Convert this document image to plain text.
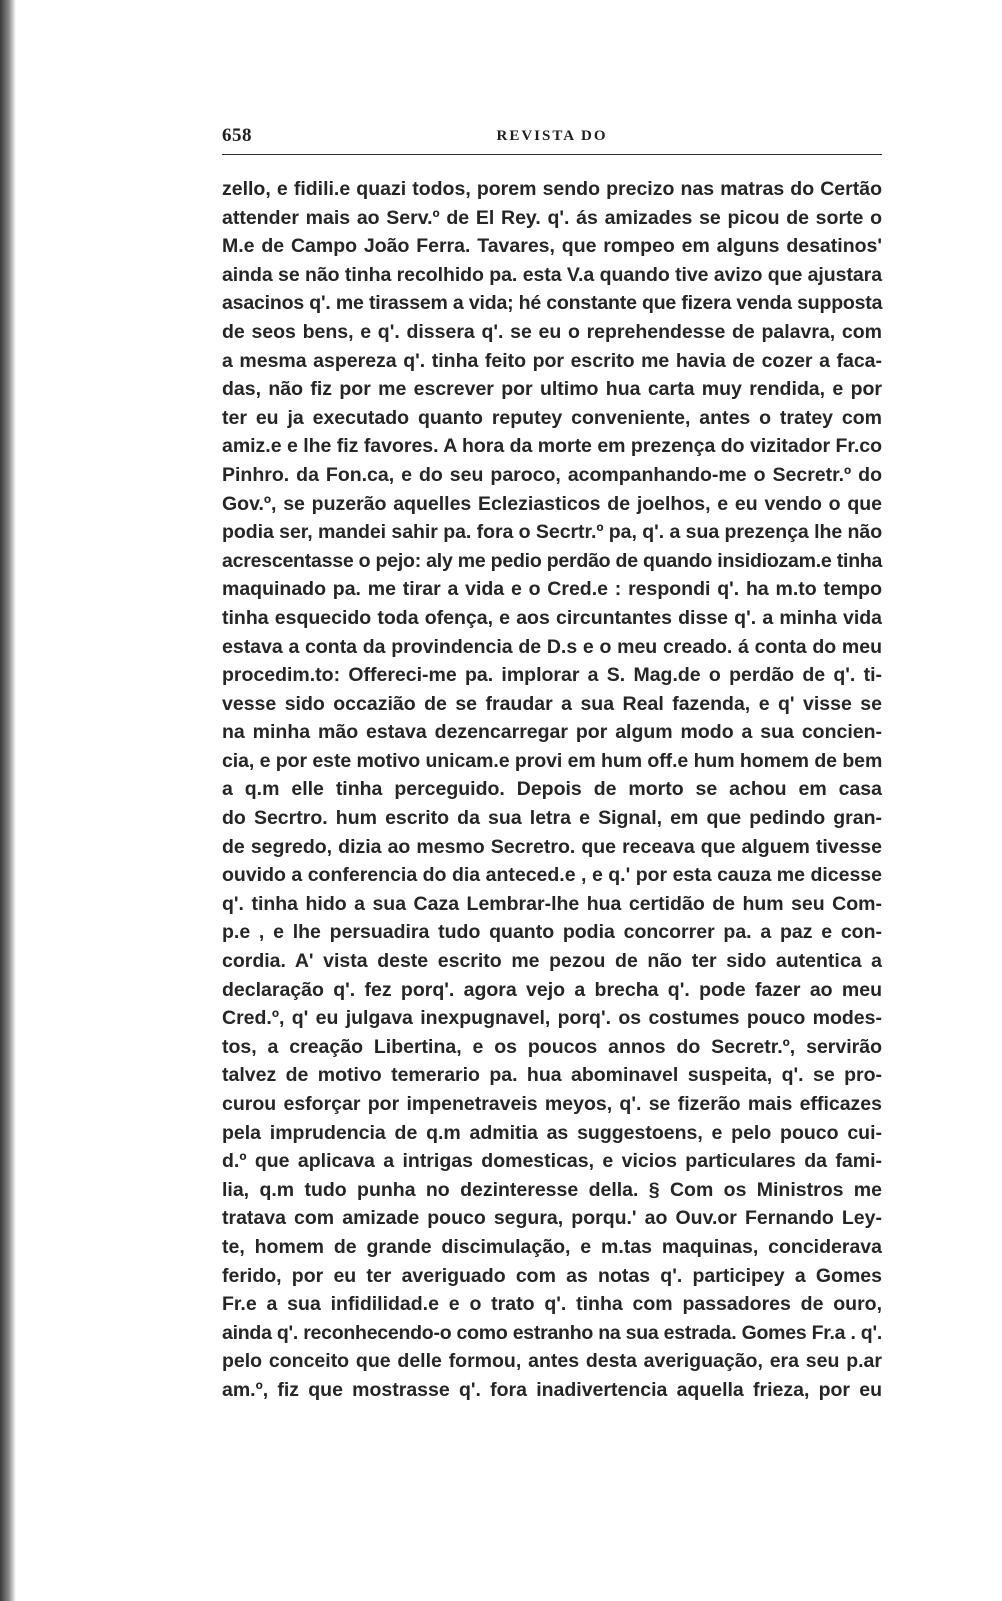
658	REVISTA DO
zello, e fidili.e quazi todos, porem sendo precizo nas matras do Certão
attender mais ao Serv.º de El Rey. q'. ás amizades se picou de sorte o
M.e de Campo João Ferra. Tavares, que rompeo em alguns desatinos'
ainda se não tinha recolhido pa. esta V.a quando tive avizo que ajustara
asacinos q'. me tirassem a vida; hé constante que fizera venda supposta
de seos bens, e q'. dissera q'. se eu o reprehendesse de palavra, com
a mesma aspereza q'. tinha feito por escrito me havia de cozer a faca-
das, não fiz por me escrever por ultimo hua carta muy rendida, e por
ter eu ja executado quanto reputey conveniente, antes o tratey com
amiz.e e lhe fiz favores. A hora da morte em prezença do vizitador Fr.co
Pinhro. da Fon.ca, e do seu paroco, acompanhando-me o Secretr.º do
Gov.º, se puzerão aquelles Ecleziasticos de joelhos, e eu vendo o que
podia ser, mandei sahir pa. fora o Secrtr.º pa, q'. a sua prezença lhe não
acrescentasse o pejo: aly me pedio perdão de quando insidiozam.e tinha
maquinado pa. me tirar a vida e o Cred.e : respondi q'. ha m.to tempo
tinha esquecido toda ofença, e aos circuntantes disse q'. a minha vida
estava a conta da provindencia de D.s e o meu creado. á conta do meu
procedim.to: Offereci-me pa. implorar a S. Mag.de o perdão de q'. ti-
vesse sido occazião de se fraudar a sua Real fazenda, e q' visse se
na minha mão estava dezencarregar por algum modo a sua concien-
cia, e por este motivo unicam.e provi em hum off.e hum homem de bem
a q.m elle tinha perceguido. Depois de morto se achou em casa
do Secrtro. hum escrito da sua letra e Signal, em que pedindo gran-
de segredo, dizia ao mesmo Secretro. que receava que alguem tivesse
ouvido a conferencia do dia anteced.e , e q.' por esta cauza me dicesse
q'. tinha hido a sua Caza Lembrar-lhe hua certidão de hum seu Com-
p.e , e lhe persuadira tudo quanto podia concorrer pa. a paz e con-
cordia. A' vista deste escrito me pezou de não ter sido autentica a
declaração q'. fez porq'. agora vejo a brecha q'. pode fazer ao meu
Cred.º, q' eu julgava inexpugnavel, porq'. os costumes pouco modes-
tos, a creação Libertina, e os poucos annos do Secretr.º, servirão
talvez de motivo temerario pa. hua abominavel suspeita, q'. se pro-
curou esforçar por impenetraveis meyos, q'. se fizerão mais efficazes
pela imprudencia de q.m admitia as suggestoens, e pelo pouco cui-
d.º que aplicava a intrigas domesticas, e vicios particulares da fami-
lia, q.m tudo punha no dezinteresse della. § Com os Ministros me
tratava com amizade pouco segura, porqu.' ao Ouv.or Fernando Ley-
te, homem de grande discimulação, e m.tas maquinas, conciderava
ferido, por eu ter averiguado com as notas q'. participey a Gomes
Fr.e a sua infidilidad.e e o trato q'. tinha com passadores de ouro,
ainda q'. reconhecendo-o como estranho na sua estrada. Gomes Fr.a . q'.
pelo conceito que delle formou, antes desta averiguação, era seu p.ar
am.º, fiz que mostrasse q'. fora inadivertencia aquella frieza, por eu
